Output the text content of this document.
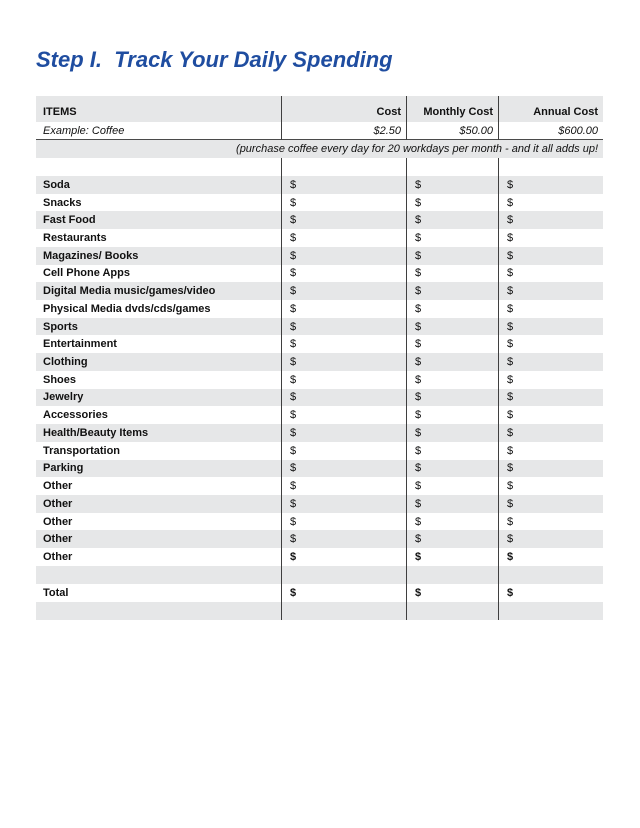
Step I.  Track Your Daily Spending
ITEMS	Cost	Monthly Cost	Annual Cost
Example: Coffee	$2.50	$50.00	$600.00
(purchase coffee every day for 20 workdays per month - and it all adds up!
Soda	$	$	$
Snacks	$	$	$
Fast Food	$	$	$
Restaurants	$	$	$
Magazines/ Books	$	$	$
Cell Phone Apps	$	$	$
Digital Media music/games/video	$	$	$
Physical Media dvds/cds/games	$	$	$
Sports	$	$	$
Entertainment	$	$	$
Clothing	$	$	$
Shoes	$	$	$
Jewelry	$	$	$
Accessories	$	$	$
Health/Beauty Items	$	$	$
Transportation	$	$	$
Parking	$	$	$
Other	$	$	$
Other	$	$	$
Other	$	$	$
Other	$	$	$
Other	$	$	$
Total	$	$	$
